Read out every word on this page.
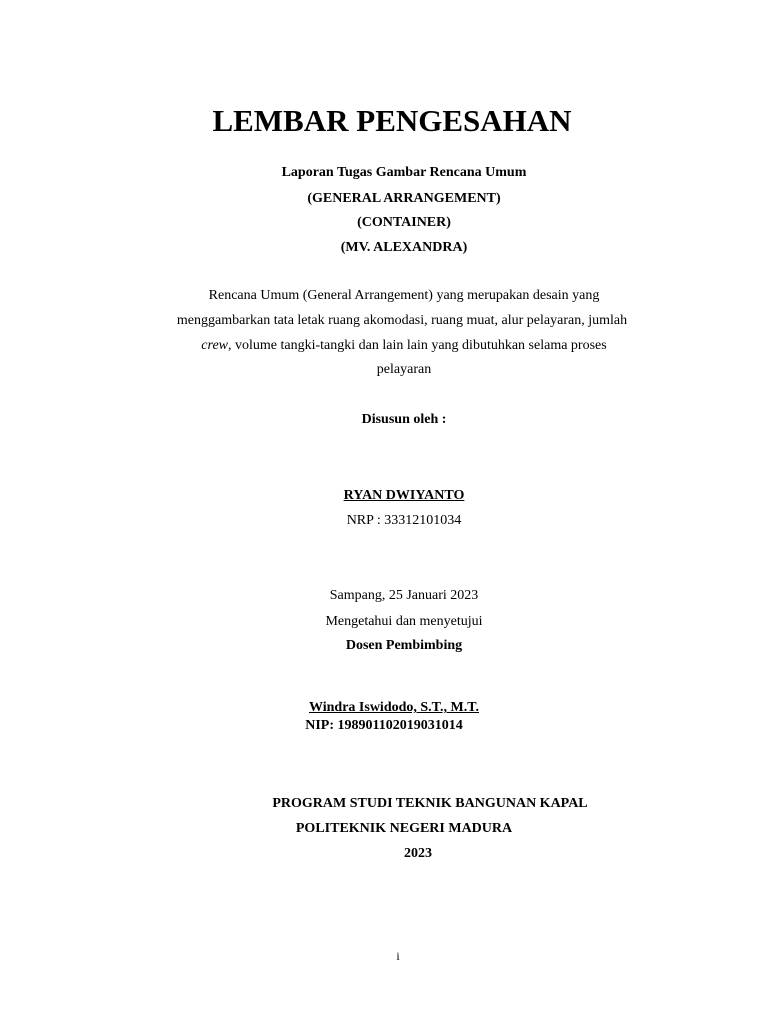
LEMBAR PENGESAHAN
Laporan Tugas Gambar Rencana Umum
(GENERAL ARRANGEMENT)
(CONTAINER)
(MV. ALEXANDRA)
Rencana Umum (General Arrangement) yang merupakan desain yang
menggambarkan tata letak ruang akomodasi, ruang muat, alur pelayaran, jumlah
crew, volume tangki-tangki dan lain lain yang dibutuhkan selama proses
pelayaran
Disusun oleh :
RYAN DWIYANTO
NRP : 33312101034
Sampang, 25 Januari 2023
Mengetahui dan menyetujui
Dosen Pembimbing
Windra Iswidodo, S.T., M.T.
NIP: 198901102019031014
PROGRAM STUDI TEKNIK BANGUNAN KAPAL
POLITEKNIK NEGERI MADURA
2023
i
